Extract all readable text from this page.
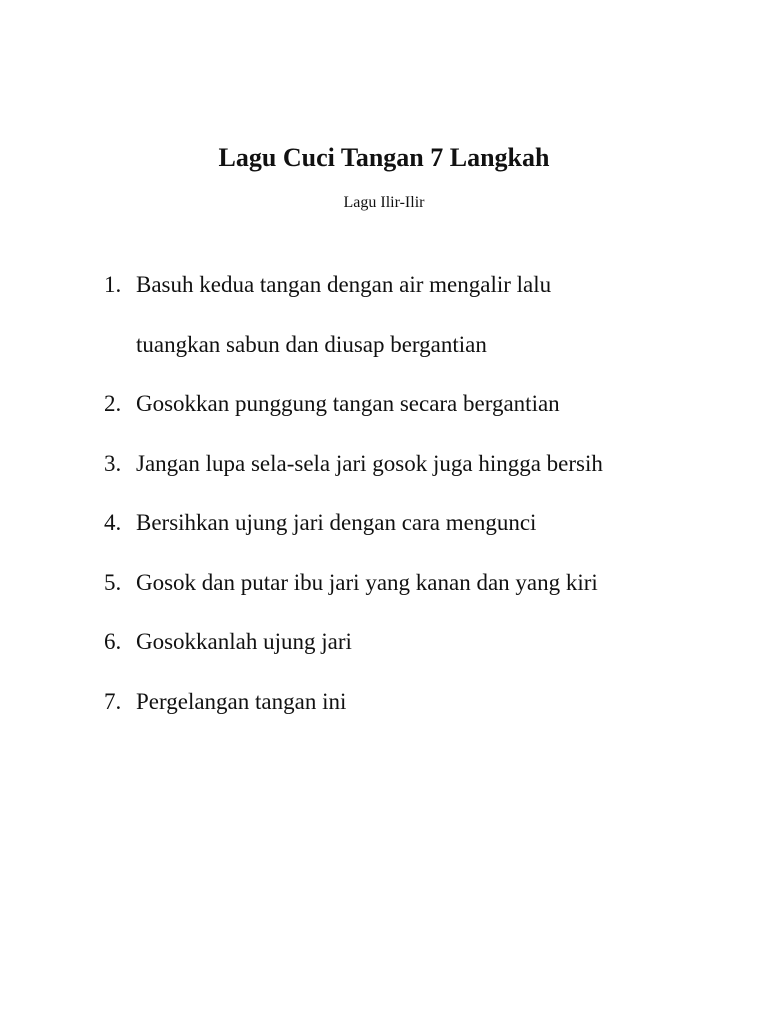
Lagu Cuci Tangan 7 Langkah

Lagu Ilir-Ilir

1. Basuh kedua tangan dengan air mengalir lalu
tuangkan sabun dan diusap bergantian
2. Gosokkan punggung tangan secara bergantian
3. Jangan lupa sela-sela jari gosok juga hingga bersih
4. Bersihkan ujung jari dengan cara mengunci
5. Gosok dan putar ibu jari yang kanan dan yang kiri
6. Gosokkanlah ujung jari
7. Pergelangan tangan ini
